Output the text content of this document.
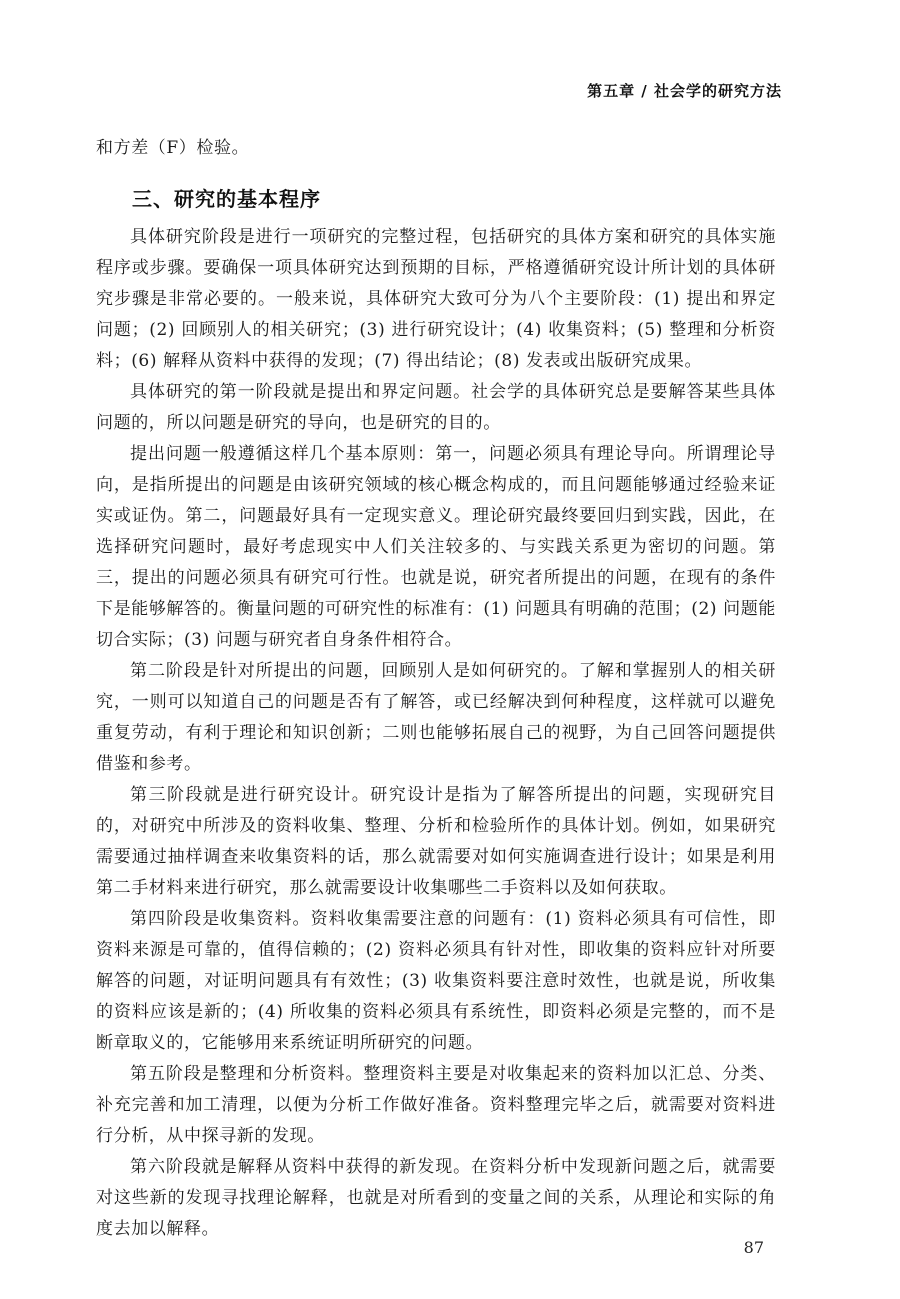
第五章 / 社会学的研究方法
和方差（F）检验。
三、研究的基本程序

具体研究阶段是进行一项研究的完整过程，包括研究的具体方案和研究的具体实施程序或步骤。要确保一项具体研究达到预期的目标，严格遵循研究设计所计划的具体研究步骤是非常必要的。一般来说，具体研究大致可分为八个主要阶段：(1) 提出和界定问题；(2) 回顾别人的相关研究；(3) 进行研究设计；(4) 收集资料；(5) 整理和分析资料；(6) 解释从资料中获得的发现；(7) 得出结论；(8) 发表或出版研究成果。

具体研究的第一阶段就是提出和界定问题。社会学的具体研究总是要解答某些具体问题的，所以问题是研究的导向，也是研究的目的。

提出问题一般遵循这样几个基本原则：第一，问题必须具有理论导向。所谓理论导向，是指所提出的问题是由该研究领域的核心概念构成的，而且问题能够通过经验来证实或证伪。第二，问题最好具有一定现实意义。理论研究最终要回归到实践，因此，在选择研究问题时，最好考虑现实中人们关注较多的、与实践关系更为密切的问题。第三，提出的问题必须具有研究可行性。也就是说，研究者所提出的问题，在现有的条件下是能够解答的。衡量问题的可研究性的标准有：(1) 问题具有明确的范围；(2) 问题能切合实际；(3) 问题与研究者自身条件相符合。

第二阶段是针对所提出的问题，回顾别人是如何研究的。了解和掌握别人的相关研究，一则可以知道自己的问题是否有了解答，或已经解决到何种程度，这样就可以避免重复劳动，有利于理论和知识创新；二则也能够拓展自己的视野，为自己回答问题提供借鉴和参考。

第三阶段就是进行研究设计。研究设计是指为了解答所提出的问题，实现研究目的，对研究中所涉及的资料收集、整理、分析和检验所作的具体计划。例如，如果研究需要通过抽样调查来收集资料的话，那么就需要对如何实施调查进行设计；如果是利用第二手材料来进行研究，那么就需要设计收集哪些二手资料以及如何获取。

第四阶段是收集资料。资料收集需要注意的问题有：(1) 资料必须具有可信性，即资料来源是可靠的，值得信赖的；(2) 资料必须具有针对性，即收集的资料应针对所要解答的问题，对证明问题具有有效性；(3) 收集资料要注意时效性，也就是说，所收集的资料应该是新的；(4) 所收集的资料必须具有系统性，即资料必须是完整的，而不是断章取义的，它能够用来系统证明所研究的问题。

第五阶段是整理和分析资料。整理资料主要是对收集起来的资料加以汇总、分类、补充完善和加工清理，以便为分析工作做好准备。资料整理完毕之后，就需要对资料进行分析，从中探寻新的发现。

第六阶段就是解释从资料中获得的新发现。在资料分析中发现新问题之后，就需要对这些新的发现寻找理论解释，也就是对所看到的变量之间的关系，从理论和实际的角度去加以解释。

87
